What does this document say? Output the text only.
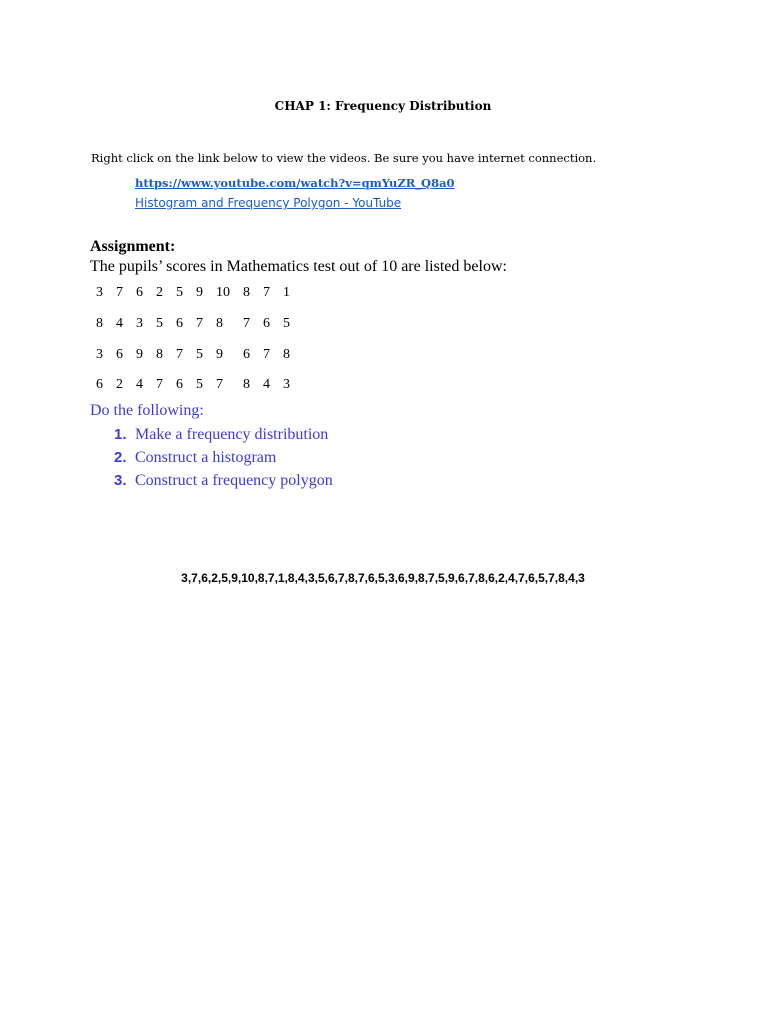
CHAP 1: Frequency Distribution
Right click on the link below to view the videos. Be sure you have internet connection.
https://www.youtube.com/watch?v=qmYuZR_Q8a0
Histogram and Frequency Polygon - YouTube
Assignment:
The pupils’ scores in Mathematics test out of 10 are listed below:
3 7 6 2 5 9 10 8 7 1
8 4 3 5 6 7 8 7 6 5
3 6 9 8 7 5 9 6 7 8
6 2 4 7 6 5 7 8 4 3
Do the following:
1. Make a frequency distribution
2. Construct a histogram
3. Construct a frequency polygon
3,7,6,2,5,9,10,8,7,1,8,4,3,5,6,7,8,7,6,5,3,6,9,8,7,5,9,6,7,8,6,2,4,7,6,5,7,8,4,3
